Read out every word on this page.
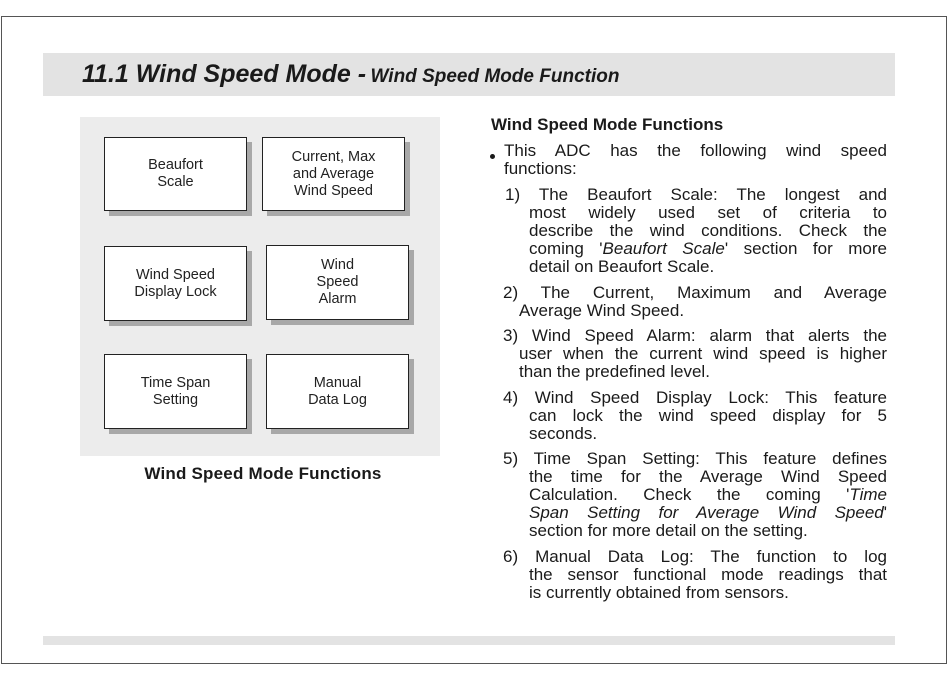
11.1 Wind Speed Mode - Wind Speed Mode Function
Beaufort
Scale
Current, Max
and Average
Wind Speed
Wind Speed
Display Lock
Wind
Speed
Alarm
Time Span
Setting
Manual
Data Log
Wind Speed Mode Functions
Wind Speed Mode Functions
This ADC has the following wind speed
functions:
1) The Beaufort Scale: The longest and
most widely used set of criteria to
describe the wind conditions. Check the
coming 'Beaufort Scale' section for more
detail on Beaufort Scale.
2) The Current, Maximum and Average
Average Wind Speed.
3) Wind Speed Alarm: alarm that alerts the
user when the current wind speed is higher
than the predefined level.
4) Wind Speed Display Lock: This feature
can lock the wind speed display for 5
seconds.
5) Time Span Setting: This feature defines
the time for the Average Wind Speed
Calculation. Check the coming 'Time
Span Setting for Average Wind Speed'
section for more detail on the setting.
6) Manual Data Log: The function to log
the sensor functional mode readings that
is currently obtained from sensors.
